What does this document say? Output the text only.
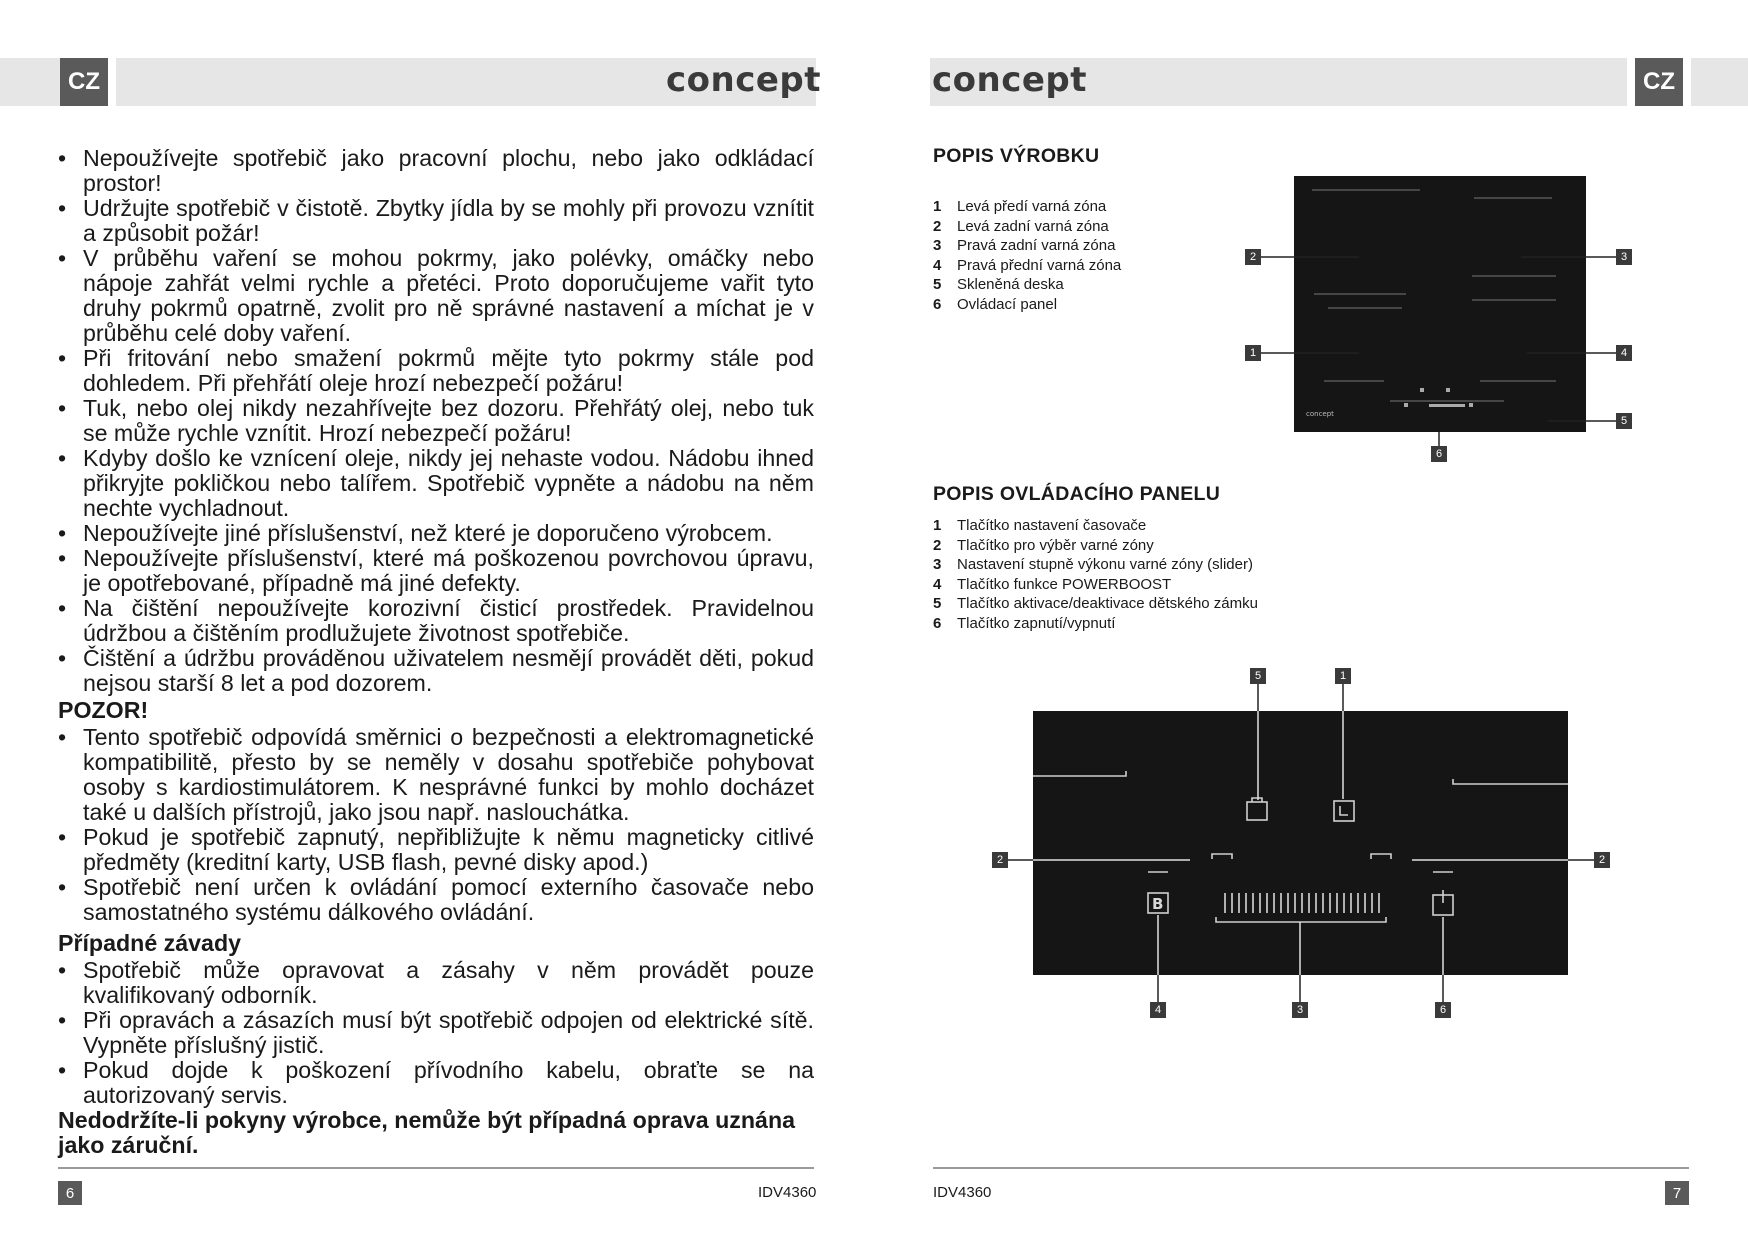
CZ	CZ
concept	concept
• Nepoužívejte spotřebič jako pracovní plochu, nebo jako odkládací prostor!
• Udržujte spotřebič v čistotě. Zbytky jídla by se mohly při provozu vznítit a způsobit požár!
• V průběhu vaření se mohou pokrmy, jako polévky, omáčky nebo nápoje zahřát velmi rychle a přetéci. Proto doporučujeme vařit tyto druhy pokrmů opatrně, zvolit pro ně správné nastavení a míchat je v průběhu celé doby vaření.
• Při fritování nebo smažení pokrmů mějte tyto pokrmy stále pod dohledem. Při přehřátí oleje hrozí nebezpečí požáru!
• Tuk, nebo olej nikdy nezahřívejte bez dozoru. Přehřátý olej, nebo tuk se může rychle vznítit. Hrozí nebezpečí požáru!
• Kdyby došlo ke vznícení oleje, nikdy jej nehaste vodou. Nádobu ihned přikryjte pokličkou nebo talířem. Spotřebič vypněte a nádobu na něm nechte vychladnout.
• Nepoužívejte jiné příslušenství, než které je doporučeno výrobcem.
• Nepoužívejte příslušenství, které má poškozenou povrchovou úpravu, je opotřebované, případně má jiné defekty.
• Na čištění nepoužívejte korozivní čisticí prostředek. Pravidelnou údržbou a čištěním prodlužujete životnost spotřebiče.
• Čištění a údržbu prováděnou uživatelem nesmějí provádět děti, pokud nejsou starší 8 let a pod dozorem.
POZOR!
• Tento spotřebič odpovídá směrnici o bezpečnosti a elektromagnetické kompatibilitě, přesto by se neměly v dosahu spotřebiče pohybovat osoby s kardiostimulátorem. K nesprávné funkci by mohlo docházet také u dalších přístrojů, jako jsou např. naslouchátka.
• Pokud je spotřebič zapnutý, nepřibližujte k němu magneticky citlivé předměty (kreditní karty, USB flash, pevné disky apod.)
• Spotřebič není určen k ovládání pomocí externího časovače nebo samostatného systému dálkového ovládání.
Případné závady
• Spotřebič může opravovat a zásahy v něm provádět pouze kvalifikovaný odborník.
• Při opravách a zásazích musí být spotřebič odpojen od elektrické sítě. Vypněte příslušný jistič.
• Pokud dojde k poškození přívodního kabelu, obraťte se na autorizovaný servis.
Nedodržíte-li pokyny výrobce, nemůže být případná oprava uznána jako záruční.
6	7
IDV4360	IDV4360
POPIS VÝROBKU
1	Levá předí varná zóna
2	Levá zadní varná zóna
3	Pravá zadní varná zóna
4	Pravá přední varná zóna
5	Skleněná deska
6	Ovládací panel
concept
2	3
1	4
5
6
POPIS OVLÁDACÍHO PANELU
1	Tlačítko nastavení časovače
2	Tlačítko pro výběr varné zóny
3	Nastavení stupně výkonu varné zóny (slider)
4	Tlačítko funkce POWERBOOST
5	Tlačítko aktivace/deaktivace dětského zámku
6	Tlačítko zapnutí/vypnutí
B
5	1
2	2
4	3	6
